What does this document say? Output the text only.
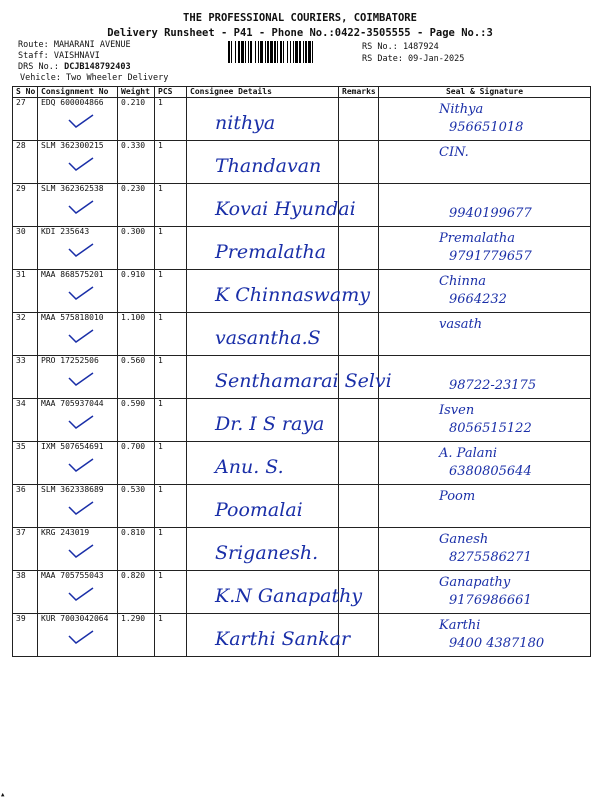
THE PROFESSIONAL COURIERS, COIMBATORE
Delivery Runsheet - P41 - Phone No.:0422-3505555 - Page No.:3
Route: MAHARANI AVENUE
Staff: VAISHNAVI
DRS No.: DCJB148792403
Vehicle: Two Wheeler Delivery
RS No.: 1487924
RS Date: 09-Jan-2025
S No	Consignment No	Weight	PCS	Consignee Details	Remarks	Seal & Signature
27	EDQ 600004866	0.210	1	nithya		Nithya
956651018

28	SLM 362300215	0.330	1	Thandavan		CIN.

29	SLM 362362538	0.230	1	Kovai Hyundai		9940199677

30	KDI 235643	0.300	1	Premalatha		Premalatha
9791779657

31	MAA 868575201	0.910	1	K Chinnaswamy		Chinna
9664232

32	MAA 575818010	1.100	1	vasantha.S		vasath

33	PRO 17252506	0.560	1	Senthamarai Selvi		98722-23175

34	MAA 705937044	0.590	1	Dr. I S raya		Isven
8056515122

35	IXM 507654691	0.700	1	Anu. S.		A. Palani
6380805644

36	SLM 362338689	0.530	1	Poomalai		Poom

37	KRG 243019	0.810	1	Sriganesh.		Ganesh
8275586271

38	MAA 705755043	0.820	1	K.N Ganapathy		Ganapathy
9176986661

39	KUR 7003042064	1.290	1	Karthi Sankar		Karthi
9400 4387180
▴
